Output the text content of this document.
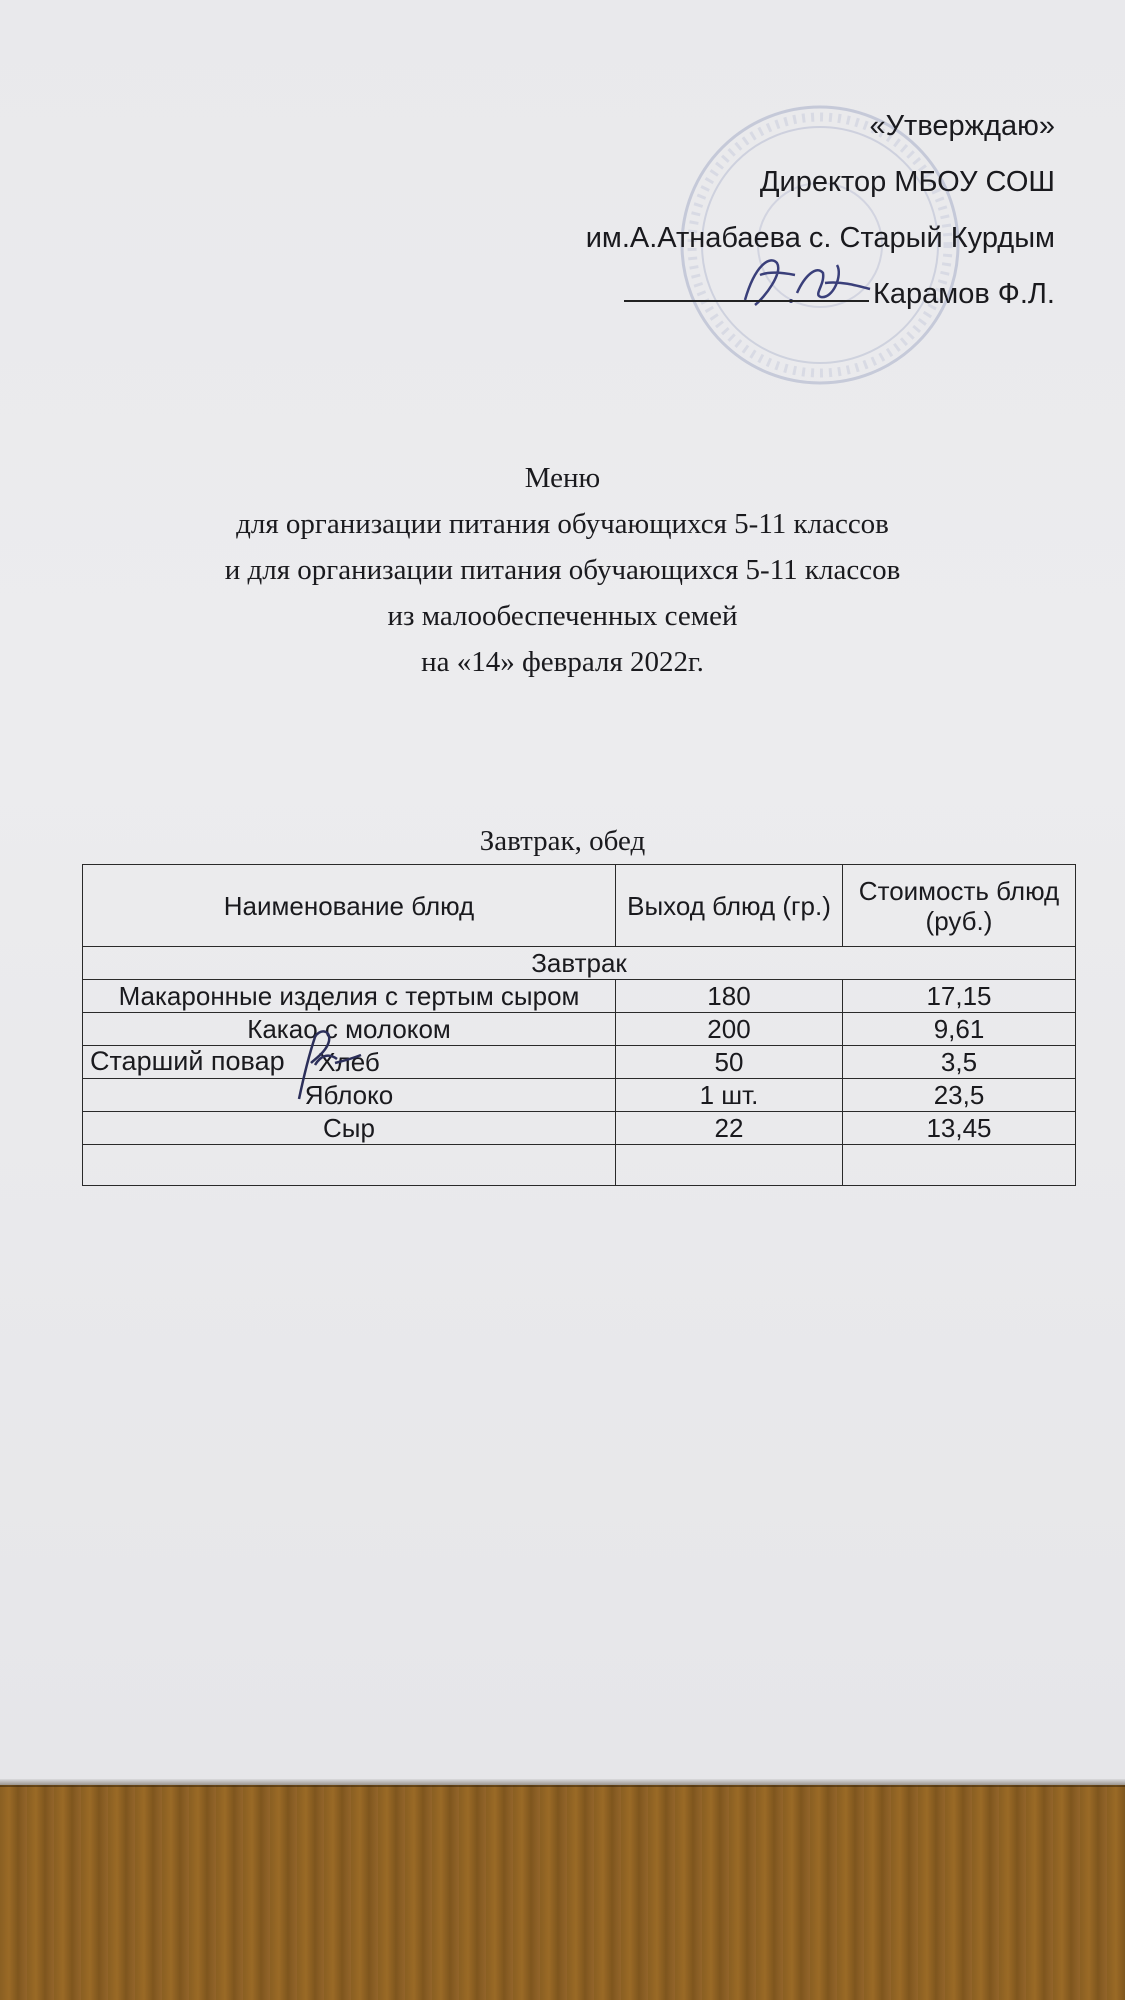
«Утверждаю»
Директор МБОУ СОШ
им.А.Атнабаева с. Старый Курдым
Карамов Ф.Л.
Меню
для организации питания обучающихся 5-11 классов
и для организации питания обучающихся 5-11 классов
из малообеспеченных семей
на «14» февраля 2022г.
Завтрак, обед
Наименование блюд	Выход блюд (гр.)	Стоимость блюд (руб.)
Завтрак		
Макаронные изделия с тертым сыром	180	17,15
Какао с молоком	200	9,61
Хлеб	50	3,5
Яблоко	1 шт.	23,5
Сыр	22	13,45

Старший повар
